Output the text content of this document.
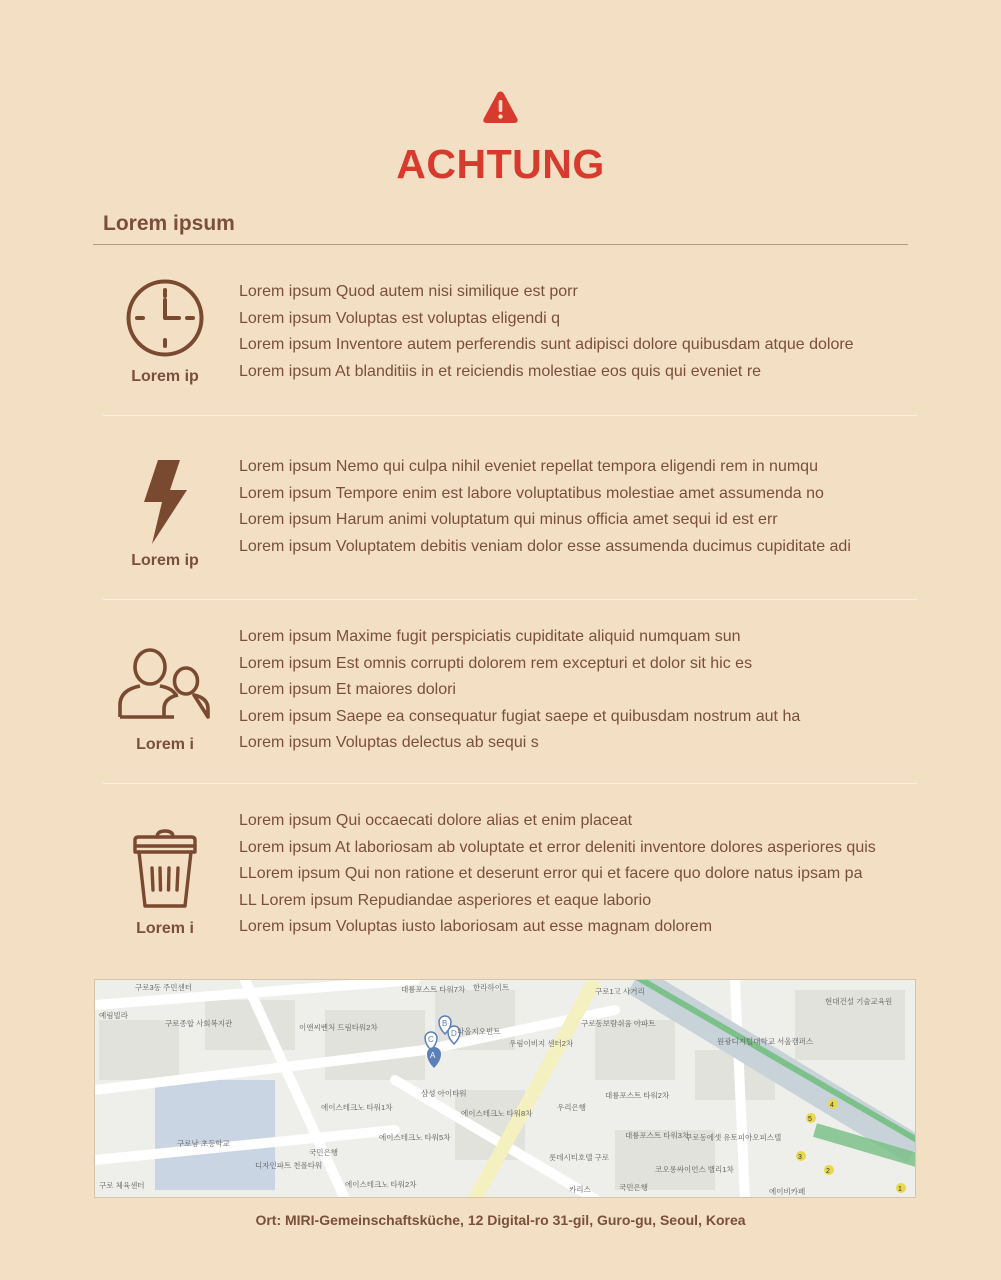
ACHTUNG
Lorem ipsum
Lorem ip
Lorem ipsum Quod autem nisi similique est porr
Lorem ipsum Voluptas est voluptas eligendi q
Lorem ipsum Inventore autem perferendis sunt adipisci dolore quibusdam atque dolore
Lorem ipsum At blanditiis in et reiciendis molestiae eos quis qui eveniet re
Lorem ip
Lorem ipsum Nemo qui culpa nihil eveniet repellat tempora eligendi rem in numqu
Lorem ipsum Tempore enim est labore voluptatibus molestiae amet assumenda no
Lorem ipsum Harum animi voluptatum qui minus officia amet sequi id est err
Lorem ipsum Voluptatem debitis veniam dolor esse assumenda ducimus cupiditate adi
Lorem i
Lorem ipsum Maxime fugit perspiciatis cupiditate aliquid numquam sun
Lorem ipsum Est omnis corrupti dolorem rem excepturi et dolor sit hic es
Lorem ipsum Et maiores dolori
Lorem ipsum Saepe ea consequatur fugiat saepe et quibusdam nostrum aut ha
Lorem ipsum Voluptas delectus ab sequi s
Lorem i
Lorem ipsum Qui occaecati dolore alias et enim placeat
Lorem ipsum At laboriosam ab voluptate et error deleniti inventore dolores asperiores quis
LLorem ipsum Qui non ratione et deserunt error qui et facere quo dolore natus ipsam pa
LL Lorem ipsum Repudiandae asperiores et eaque laborio
Lorem ipsum Voluptas iusto laboriosam aut esse magnam dolorem
D
C
B
A
구로3동 주민센터
예림빌라
구로종합 사회복지관
대륭포스트 타워7차 한라하이트	구로1고 사거리
현대건설 기술교육원
구로동보람쉬움 아파트
원광디지털대학교 서울캠퍼스
이앤씨벤처 드림타워2차	다올지오빈트
우림이비지 센터2차
에이스테크노 타워8차
대륭포스트 타워2차
대륭포스트 타워3차
구로동에셋 유토피아오피스텔
롯데시티호텔 구로
코오롱싸이언스 밸리1차
에이스테크노 타워1차
구로남 초등학교
디자인파트 천폴타워
에이스테크노 타워5차
국민은행
삼성 아이타워
에이스테크노 타워2차
구로 체육센터
우리은행
에이비카페
카리스	국민은행	1
2
3
4
5
Ort: MIRI-Gemeinschaftsküche, 12 Digital-ro 31-gil, Guro-gu, Seoul, Korea
